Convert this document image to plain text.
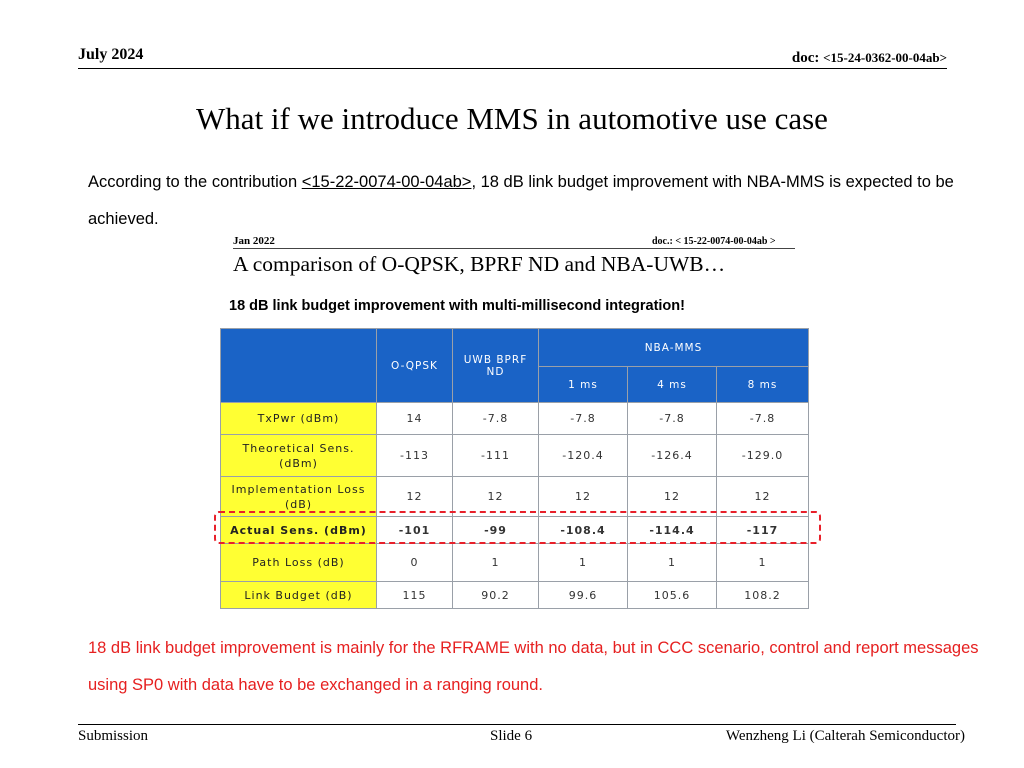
July 2024	doc: <15-24-0362-00-04ab>
What if we introduce MMS in automotive use case
According to the contribution <15-22-0074-00-04ab>, 18 dB link budget improvement with NBA-MMS is expected to be achieved.
Jan 2022	doc.: < 15-22-0074-00-04ab >
A comparison of O-QPSK, BPRF ND and NBA-UWB…
18 dB link budget improvement with multi-millisecond integration!
	O-QPSK	UWB BPRF ND	NBA-MMS		
			1 ms	4 ms	8 ms
TxPwr (dBm)	14	-7.8	-7.8	-7.8	-7.8
Theoretical Sens. (dBm)	-113	-111	-120.4	-126.4	-129.0
Implementation Loss (dB)	12	12	12	12	12
Actual Sens. (dBm)	-101	-99	-108.4	-114.4	-117
Path Loss (dB)	0	1	1	1	1
Link Budget (dB)	115	90.2	99.6	105.6	108.2
18 dB link budget improvement is mainly for the RFRAME with no data, but in CCC scenario, control and report messages using SP0 with data have to be exchanged in a ranging round.
Submission	Slide 6	Wenzheng Li (Calterah Semiconductor)
